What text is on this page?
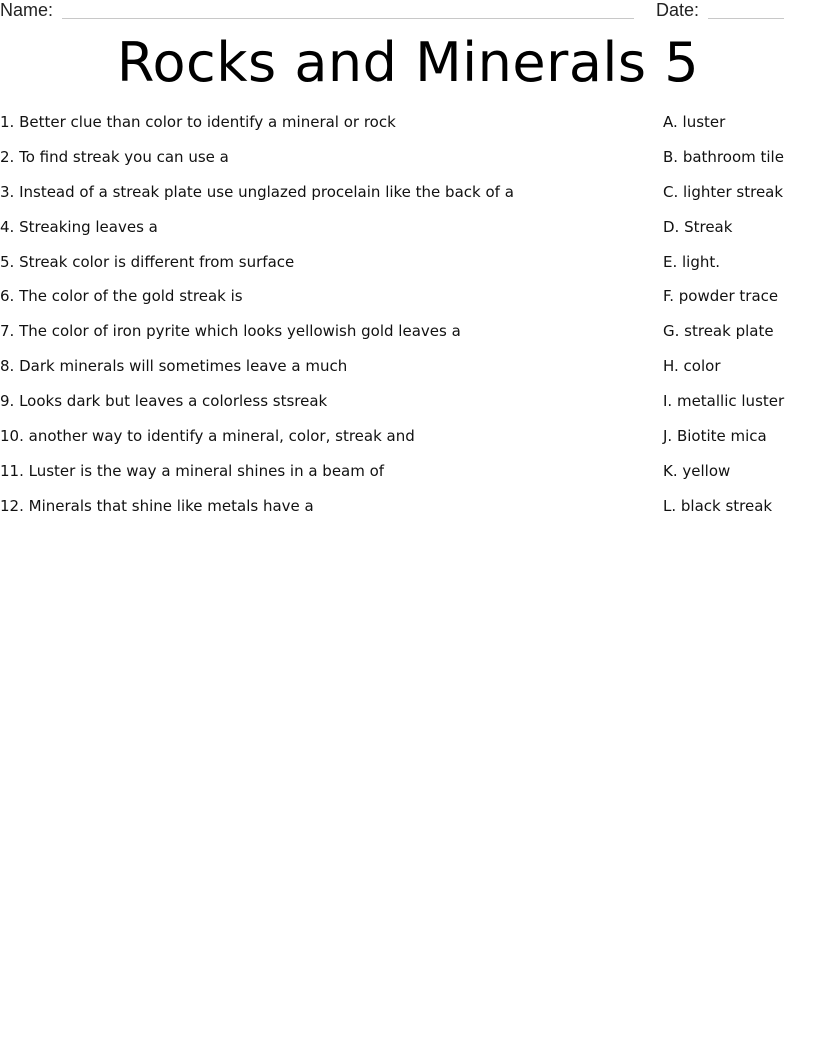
Name:	Date:
Rocks and Minerals 5
1. Better clue than color to identify a mineral or rock
2. To find streak you can use a
3. Instead of a streak plate use unglazed procelain like the back of a
4. Streaking leaves a
5. Streak color is different from surface
6. The color of the gold streak is
7. The color of iron pyrite which looks yellowish gold leaves a
8. Dark minerals will sometimes leave a much
9. Looks dark but leaves a colorless stsreak
10. another way to identify a mineral, color, streak and
11. Luster is the way a mineral shines in a beam of
12. Minerals that shine like metals have a
A. luster
B. bathroom tile
C. lighter streak
D. Streak
E. light.
F. powder trace
G. streak plate
H. color
I. metallic luster
J. Biotite mica
K. yellow
L. black streak
